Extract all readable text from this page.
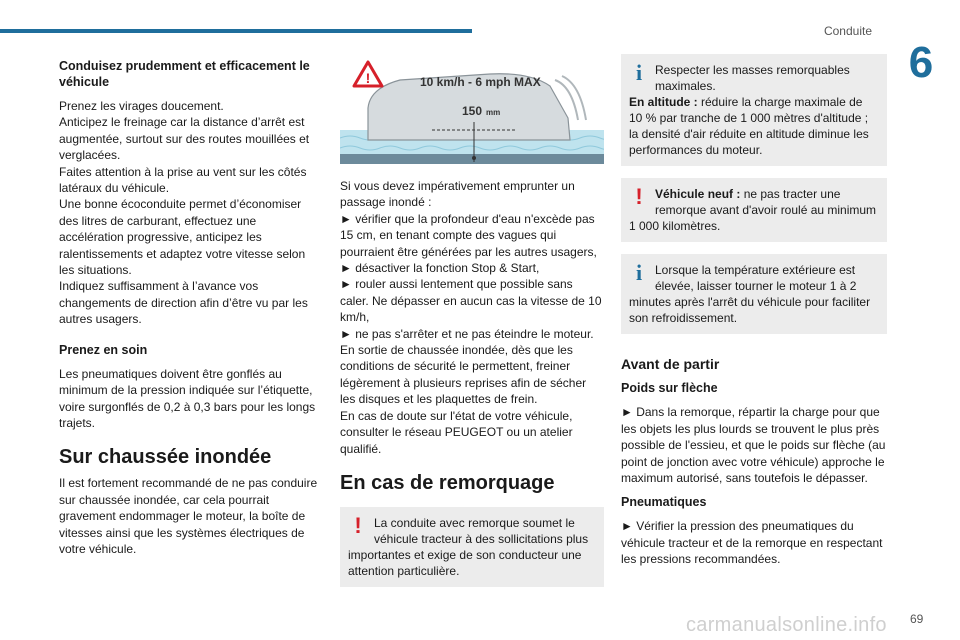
Conduite
6
Conduisez prudemment et efficacement le véhicule

Prenez les virages doucement.
Anticipez le freinage car la distance d’arrêt est augmentée, surtout sur des routes mouillées et verglacées.
Faites attention à la prise au vent sur les côtés latéraux du véhicule.
Une bonne écoconduite permet d’économiser des litres de carburant, effectuez une accélération progressive, anticipez les ralentissements et adaptez votre vitesse selon les situations.
Indiquez suffisamment à l’avance vos changements de direction afin d’être vu par les autres usagers.

Prenez en soin

Les pneumatiques doivent être gonflés au minimum de la pression indiquée sur l’étiquette, voire surgonflés de 0,2 à 0,3 bars pour les longs trajets.

Sur chaussée inondée

Il est fortement recommandé de ne pas conduire sur chaussée inondée, car cela pourrait gravement endommager le moteur, la boîte de vitesses ainsi que les systèmes électriques de votre véhicule.

!	10 km/h - 6 mph MAX
150 mm

Si vous devez impérativement emprunter un passage inondé :
► vérifier que la profondeur d'eau n'excède pas 15 cm, en tenant compte des vagues qui pourraient être générées par les autres usagers,
► désactiver la fonction Stop & Start,
► rouler aussi lentement que possible sans caler. Ne dépasser en aucun cas la vitesse de 10 km/h,
► ne pas s'arrêter et ne pas éteindre le moteur.
En sortie de chaussée inondée, dès que les conditions de sécurité le permettent, freiner légèrement à plusieurs reprises afin de sécher les disques et les plaquettes de frein.
En cas de doute sur l'état de votre véhicule, consulter le réseau PEUGEOT ou un atelier qualifié.

En cas de remorquage
!	La conduite avec remorque soumet le véhicule tracteur à des sollicitations plus importantes et exige de son conducteur une attention particulière.
i	Respecter les masses remorquables maximales.
En altitude : réduire la charge maximale de 10 % par tranche de 1 000 mètres d'altitude ; la densité d'air réduite en altitude diminue les performances du moteur.
!	Véhicule neuf : ne pas tracter une remorque avant d'avoir roulé au minimum 1 000 kilomètres.
i	Lorsque la température extérieure est élevée, laisser tourner le moteur 1 à 2 minutes après l'arrêt du véhicule pour faciliter son refroidissement.
Avant de partir
Poids sur flèche

► Dans la remorque, répartir la charge pour que les objets les plus lourds se trouvent le plus près possible de l'essieu, et que le poids sur flèche (au point de jonction avec votre véhicule) approche le maximum autorisé, sans toutefois le dépasser.

Pneumatiques

► Vérifier la pression des pneumatiques du véhicule tracteur et de la remorque en respectant les pressions recommandées.

carmanualsonline.info 69
